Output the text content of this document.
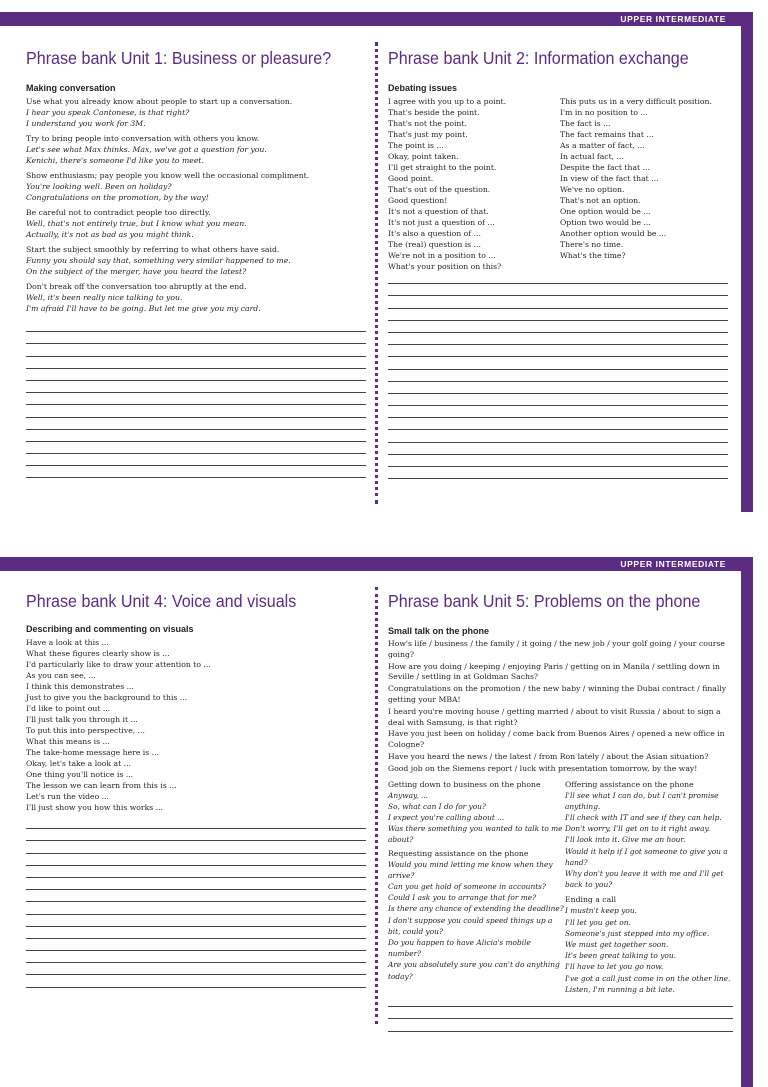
UPPER INTERMEDIATE
Phrase bank Unit 1: Business or pleasure?
Making conversation
Use what you already know about people to start up a conversation.
I hear you speak Cantonese, is that right?
I understand you work for 3M.
Try to bring people into conversation with others you know.
Let's see what Max thinks. Max, we've got a question for you.
Kenichi, there's someone I'd like you to meet.
Show enthusiasm; pay people you know well the occasional compliment.
You're looking well. Been on holiday?
Congratulations on the promotion, by the way!
Be careful not to contradict people too directly.
Well, that's not entirely true, but I know what you mean.
Actually, it's not as bad as you might think.
Start the subject smoothly by referring to what others have said.
Funny you should say that, something very similar happened to me.
On the subject of the merger, have you heard the latest?
Don't break off the conversation too abruptly at the end.
Well, it's been really nice talking to you.
I'm afraid I'll have to be going. But let me give you my card.
Phrase bank Unit 2: Information exchange
Debating issues
I agree with you up to a point.
That's beside the point.
That's not the point.
That's just my point.
The point is ...
Okay, point taken.
I'll get straight to the point.
Good point.
That's out of the question.
Good question!
It's not a question of that.
It's not just a question of ...
It's also a question of ...
The (real) question is ...
We're not in a position to ...
What's your position on this?
This puts us in a very difficult position.
I'm in no position to ...
The fact is ...
The fact remains that ...
As a matter of fact, ...
In actual fact, ...
Despite the fact that ...
In view of the fact that ...
We've no option.
That's not an option.
One option would be ...
Option two would be ...
Another option would be ...
There's no time.
What's the time?
UPPER INTERMEDIATE
Phrase bank Unit 4: Voice and visuals
Describing and commenting on visuals
Have a look at this ...
What these figures clearly show is ...
I'd particularly like to draw your attention to ...
As you can see, ...
I think this demonstrates ...
Just to give you the background to this ...
I'd like to point out ...
I'll just talk you through it ...
To put this into perspective, ...
What this means is ...
The take-home message here is ...
Okay, let's take a look at ...
One thing you'll notice is ...
The lesson we can learn from this is ...
Let's run the video ...
I'll just show you how this works ...
Phrase bank Unit 5: Problems on the phone
Small talk on the phone
How's life / business / the family / it going / the new job / your golf going / your course going?
How are you doing / keeping / enjoying Paris / getting on in Manila / settling down in Seville / settling in at Goldman Sachs?
Congratulations on the promotion / the new baby / winning the Dubai contract / finally getting your MBA!
I heard you're moving house / getting married / about to visit Russia / about to sign a deal with Samsung, is that right?
Have you just been on holiday / come back from Buenos Aires / opened a new office in Cologne?
Have you heard the news / the latest / from Ron lately / about the Asian situation?
Good job on the Siemens report / luck with presentation tomorrow, by the way!
Getting down to business on the phone
Anyway, ...
So, what can I do for you?
I expect you're calling about ...
Was there something you wanted to talk to me about?
Requesting assistance on the phone
Would you mind letting me know when they arrive?
Can you get hold of someone in accounts?
Could I ask you to arrange that for me?
Is there any chance of extending the deadline?
I don't suppose you could speed things up a bit, could you?
Do you happen to have Alicia's mobile number?
Are you absolutely sure you can't do anything today?
Offering assistance on the phone
I'll see what I can do, but I can't promise anything.
I'll check with IT and see if they can help.
Don't worry, I'll get on to it right away.
I'll look into it. Give me an hour.
Would it help if I got someone to give you a hand?
Why don't you leave it with me and I'll get back to you?
Ending a call
I mustn't keep you.
I'll let you get on.
Someone's just stepped into my office.
We must get together soon.
It's been great talking to you.
I'll have to let you go now.
I've got a call just come in on the other line.
Listen, I'm running a bit late.
